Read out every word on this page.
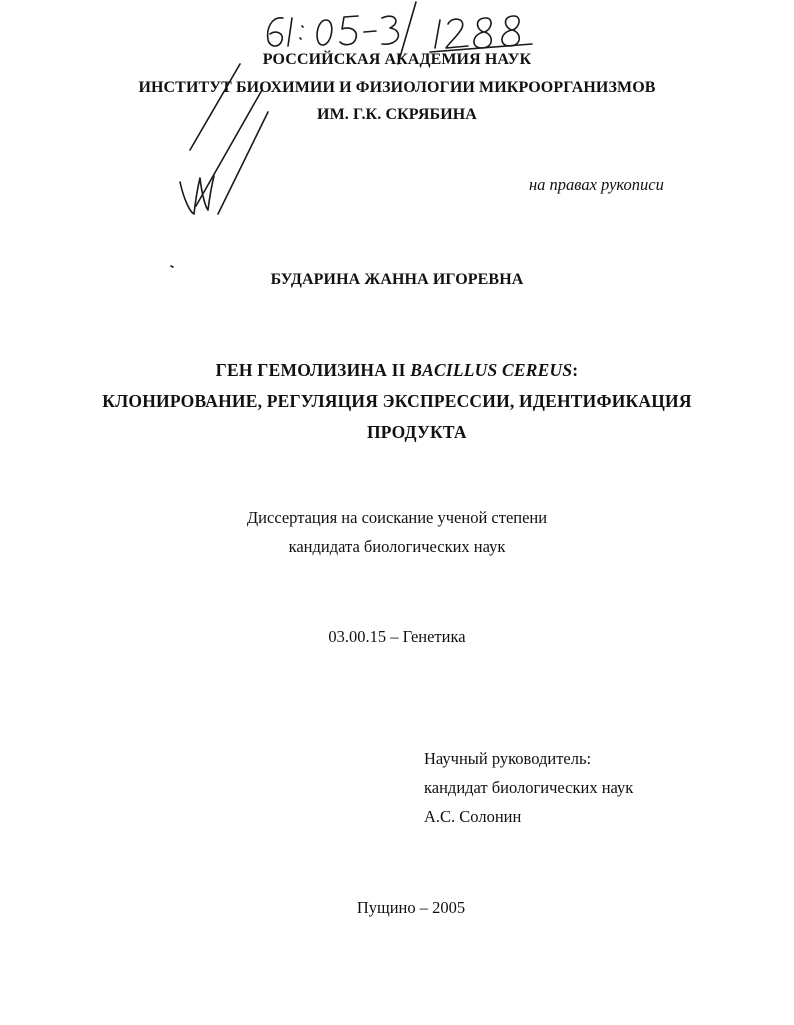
РОССИЙСКАЯ АКАДЕМИЯ НАУК
ИНСТИТУТ БИОХИМИИ И ФИЗИОЛОГИИ МИКРООРГАНИЗМОВ
ИМ. Г.К. СКРЯБИНА
на правах рукописи
БУДАРИНА ЖАННА ИГОРЕВНА
ГЕН ГЕМОЛИЗИНА II BACILLUS CEREUS:
КЛОНИРОВАНИЕ, РЕГУЛЯЦИЯ ЭКСПРЕССИИ, ИДЕНТИФИКАЦИЯ
ПРОДУКТА
Диссертация на соискание ученой степени
кандидата биологических наук
03.00.15 – Генетика
Научный руководитель:
кандидат биологических наук
А.С. Солонин
Пущино – 2005
